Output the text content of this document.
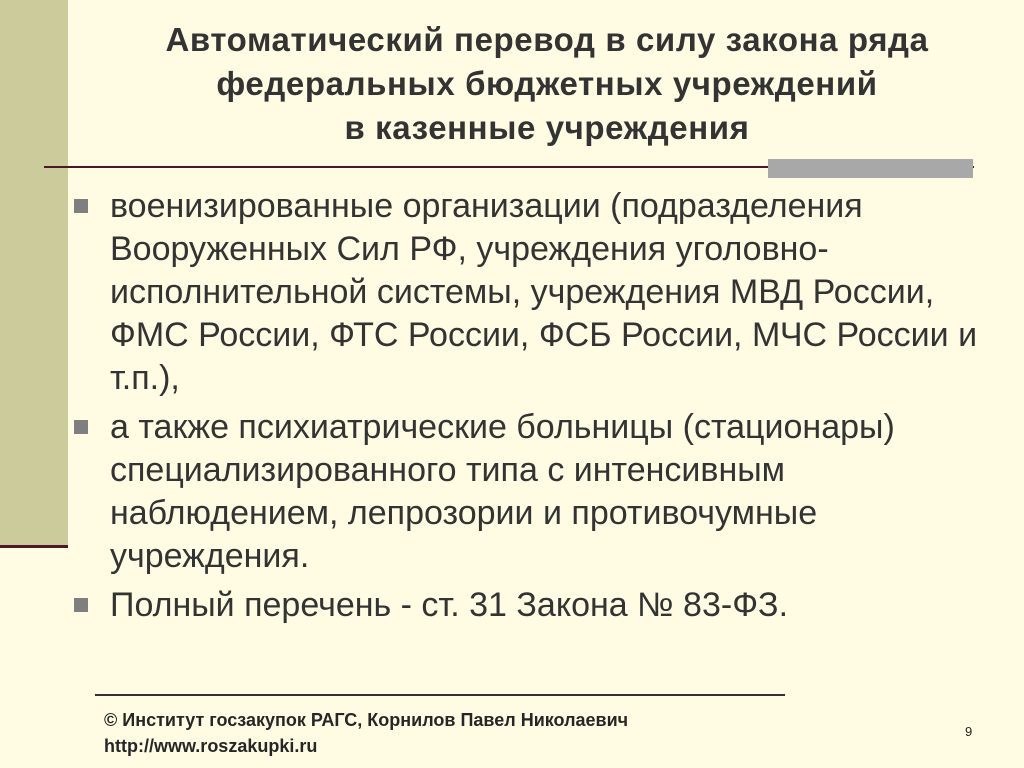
Автоматический перевод в силу закона ряда
федеральных бюджетных учреждений
в казенные учреждения
военизированные организации (подразделения Вооруженных Сил РФ, учреждения уголовно-исполнительной системы, учреждения МВД России, ФМС России, ФТС России, ФСБ России, МЧС России и т.п.),
а также психиатрические больницы (стационары) специализированного типа с интенсивным наблюдением, лепрозории и противочумные учреждения.
Полный перечень - ст. 31 Закона № 83-ФЗ.
© Институт госзакупок РАГС, Корнилов Павел Николаевич
http://www.roszakupki.ru
9
